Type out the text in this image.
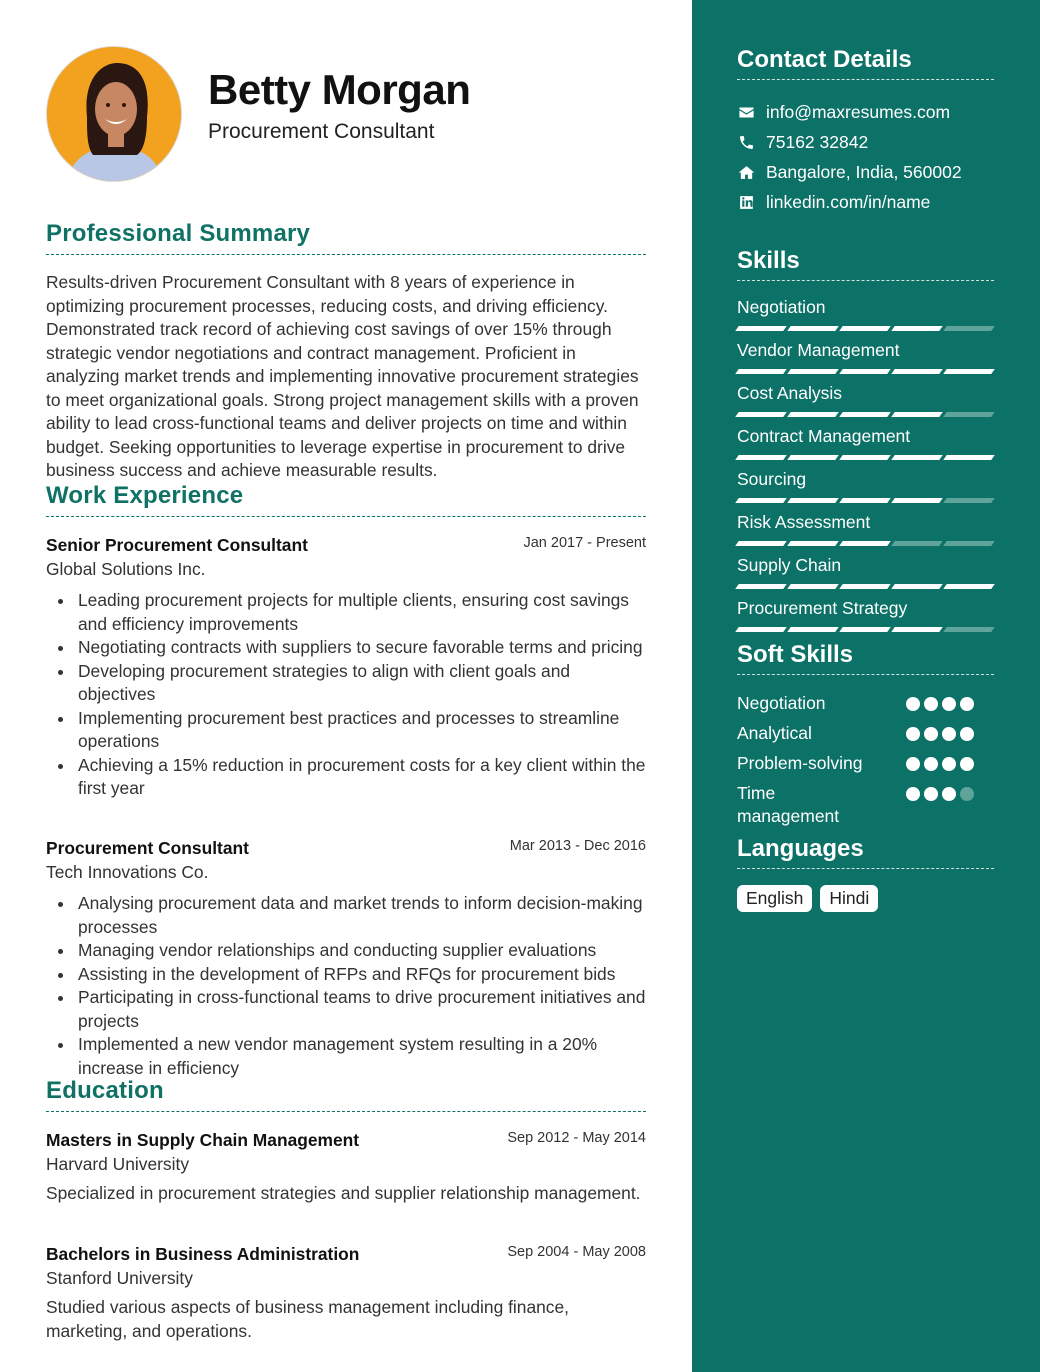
Betty Morgan
Procurement Consultant
Professional Summary
Results-driven Procurement Consultant with 8 years of experience in optimizing procurement processes, reducing costs, and driving efficiency. Demonstrated track record of achieving cost savings of over 15% through strategic vendor negotiations and contract management. Proficient in analyzing market trends and implementing innovative procurement strategies to meet organizational goals. Strong project management skills with a proven ability to lead cross-functional teams and deliver projects on time and within budget. Seeking opportunities to leverage expertise in procurement to drive business success and achieve measurable results.
Work Experience
Senior Procurement Consultant	Jan 2017 - Present
Global Solutions Inc.
Leading procurement projects for multiple clients, ensuring cost savings and efficiency improvements
Negotiating contracts with suppliers to secure favorable terms and pricing
Developing procurement strategies to align with client goals and objectives
Implementing procurement best practices and processes to streamline operations
Achieving a 15% reduction in procurement costs for a key client within the first year
Procurement Consultant	Mar 2013 - Dec 2016
Tech Innovations Co.
Analysing procurement data and market trends to inform decision-making processes
Managing vendor relationships and conducting supplier evaluations
Assisting in the development of RFPs and RFQs for procurement bids
Participating in cross-functional teams to drive procurement initiatives and projects
Implemented a new vendor management system resulting in a 20% increase in efficiency
Education
Masters in Supply Chain Management	Sep 2012 - May 2014
Harvard University
Specialized in procurement strategies and supplier relationship management.
Bachelors in Business Administration	Sep 2004 - May 2008
Stanford University
Studied various aspects of business management including finance, marketing, and operations.
Contact Details
info@maxresumes.com
75162 32842
Bangalore, India, 560002
linkedin.com/in/name
Skills
Negotiation
Vendor Management
Cost Analysis
Contract Management
Sourcing
Risk Assessment
Supply Chain
Procurement Strategy
Soft Skills
Negotiation
Analytical
Problem-solving
Time management
Languages
English	Hindi
